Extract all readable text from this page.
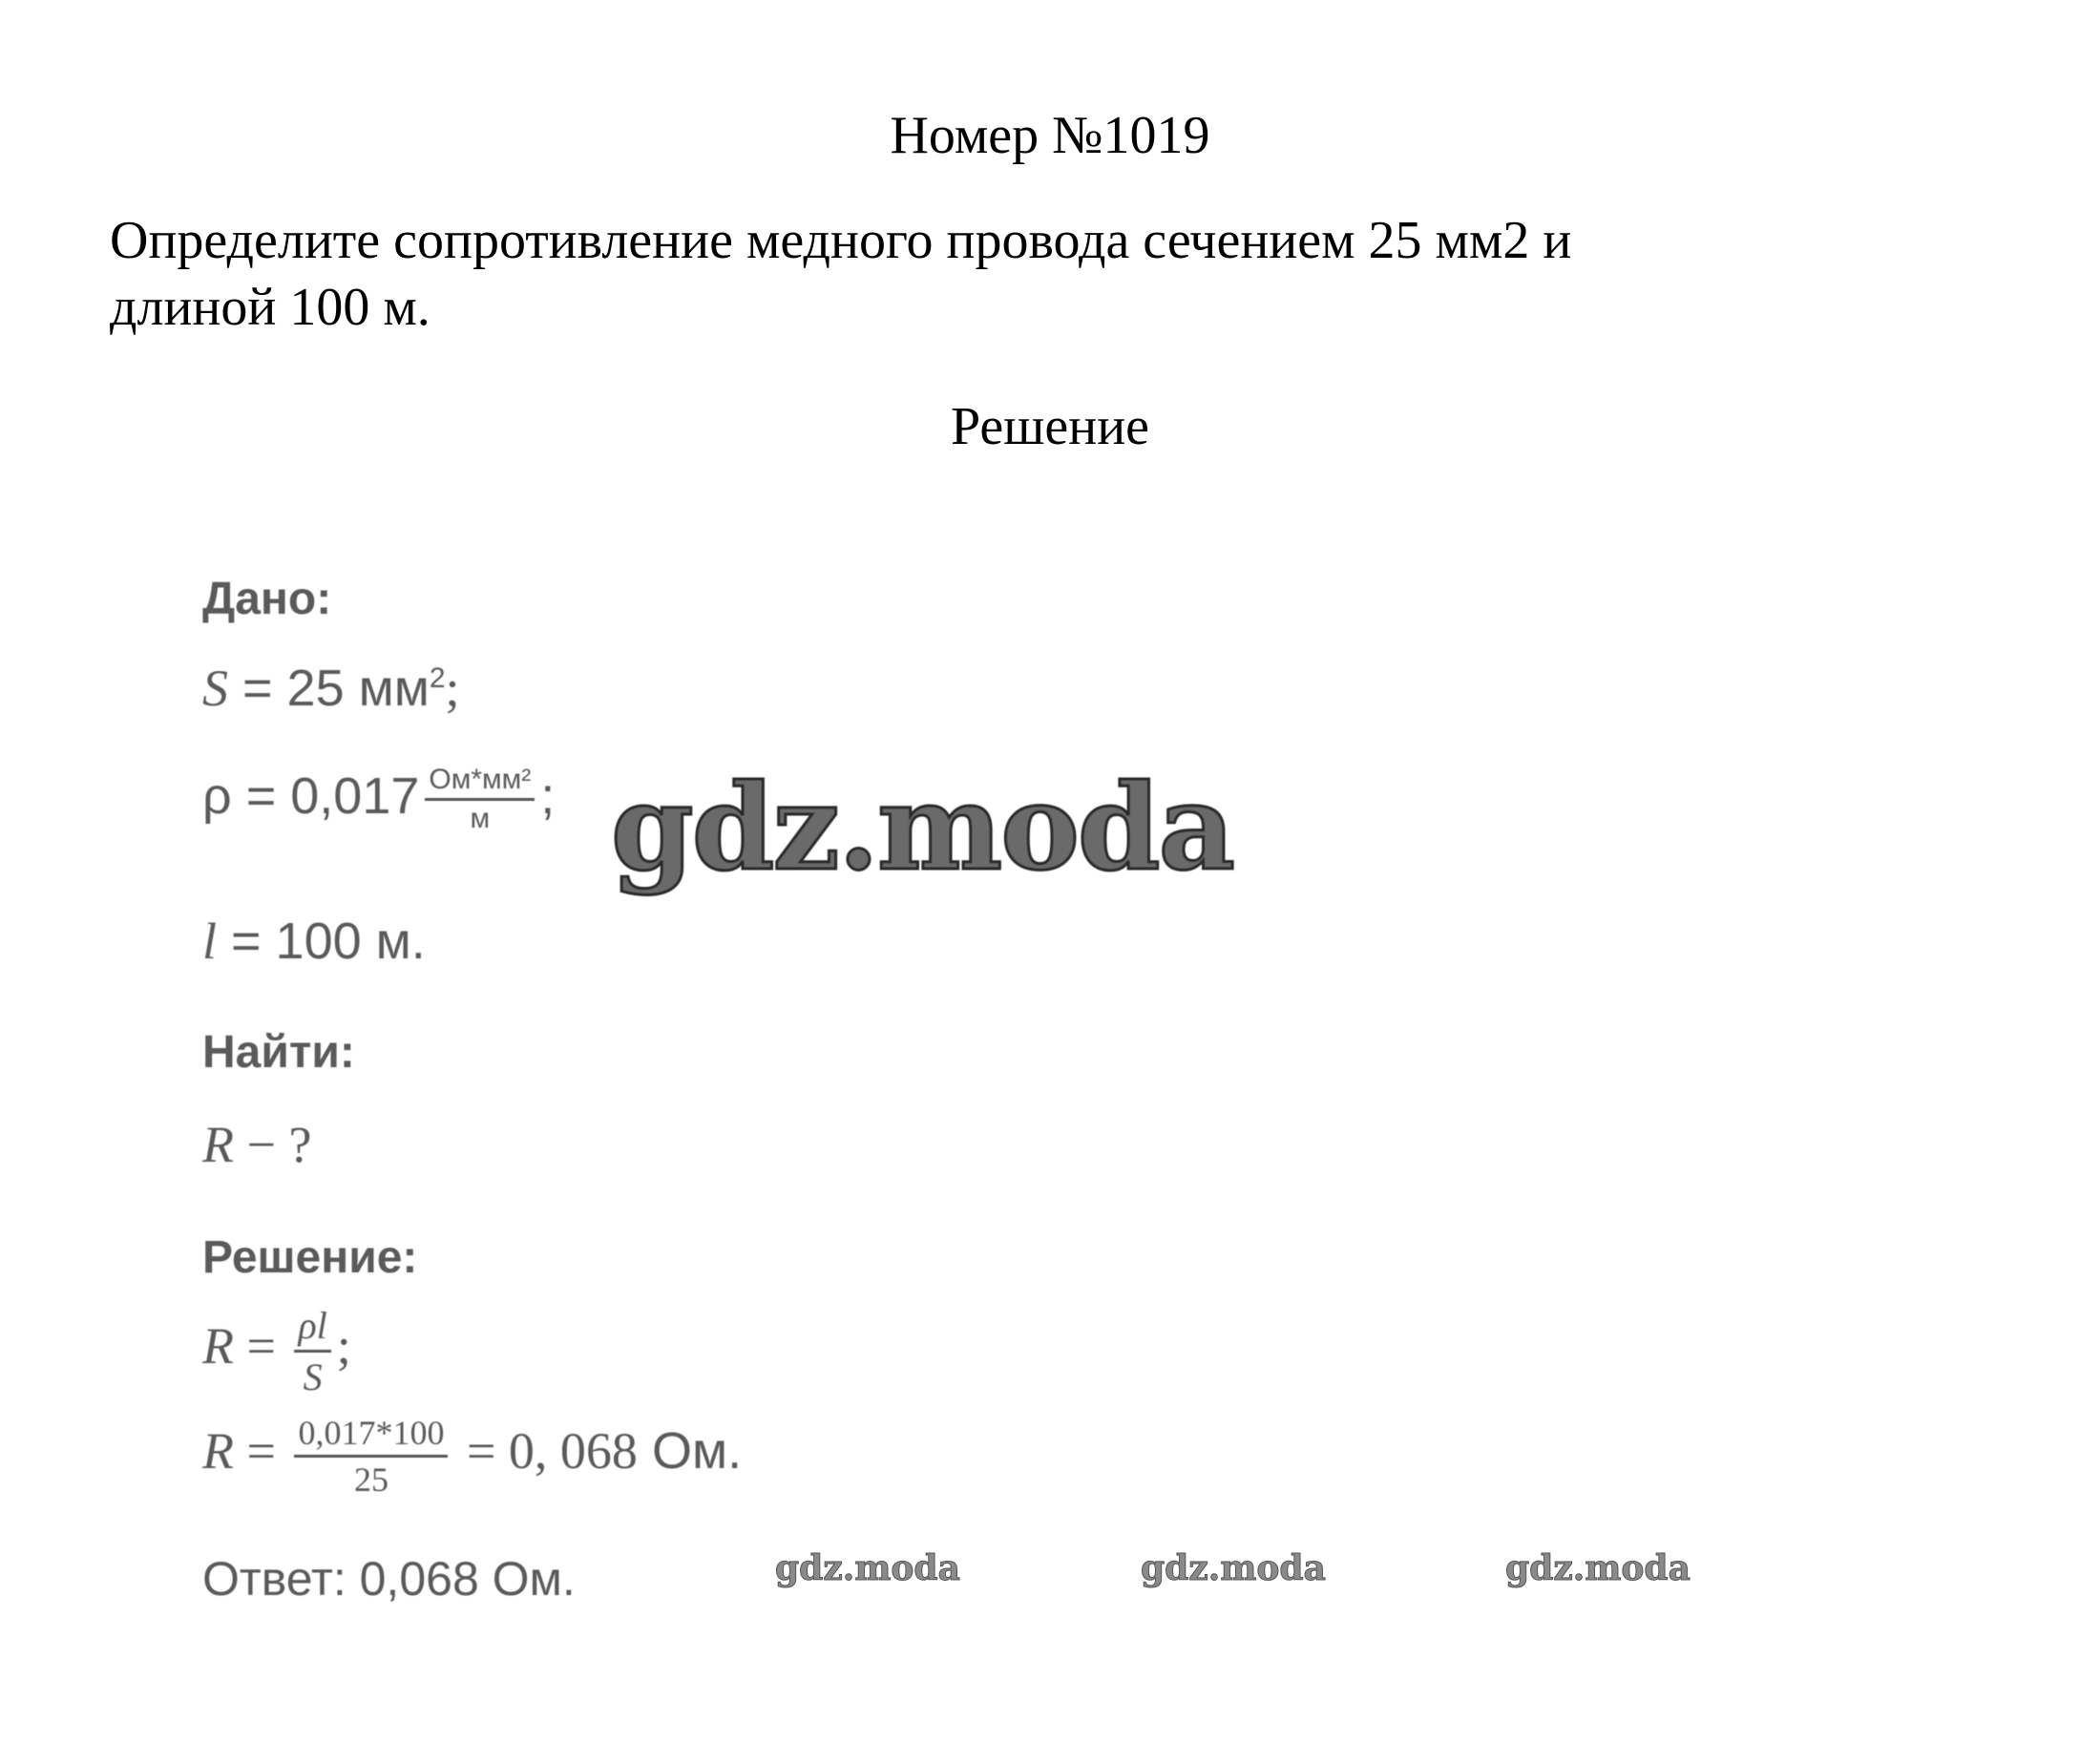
Номер №1019
Определите сопротивление медного провода сечением 25 мм2 и
длиной 100 м.
Решение
Дано:
S = 25 $мм^2$;
$\rho = 0,017 \frac{\text{Ом*мм²}}{м}$ ;
l = 100 м.
Найти:
R − ?
Решение:
$R = \frac{\rho l}{S}$ ;
$R = \frac{0,017*100}{25} = 0$, 068 Ом.
Ответ: 0,068 Ом.
gdz.moda
gdz.moda	gdz.moda	gdz.moda
